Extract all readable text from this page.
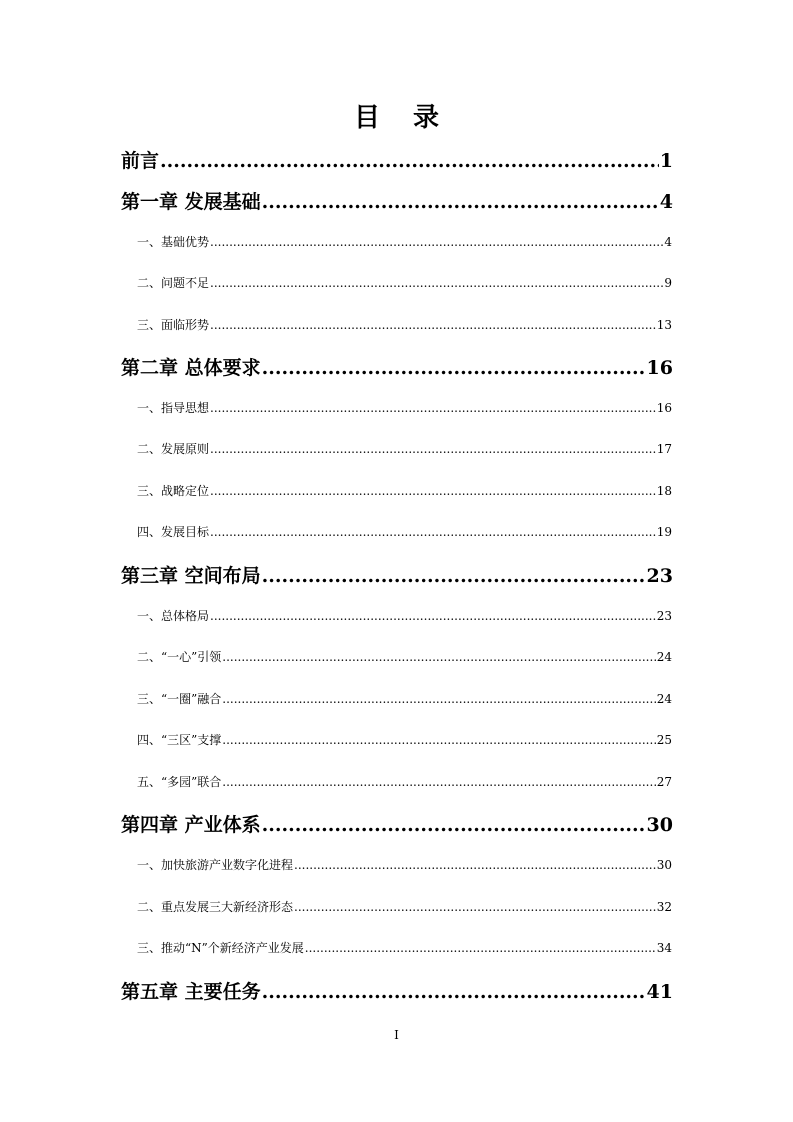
目 录
前言 .....	1
第一章 发展基础 .....	4
一、基础优势 .....	4
二、问题不足 .....	9
三、面临形势 .....	13
第二章 总体要求 .....	16
一、指导思想 .....	16
二、发展原则 .....	17
三、战略定位 .....	18
四、发展目标 .....	19
第三章 空间布局 .....	23
一、总体格局 .....	23
二、“一心”引领 .....	24
三、“一圈”融合 .....	24
四、“三区”支撑 .....	25
五、“多园”联合 .....	27
第四章 产业体系 .....	30
一、加快旅游产业数字化进程 .....	30
二、重点发展三大新经济形态 .....	32
三、推动“N”个新经济产业发展 .....	34
第五章 主要任务 .....	41
I
